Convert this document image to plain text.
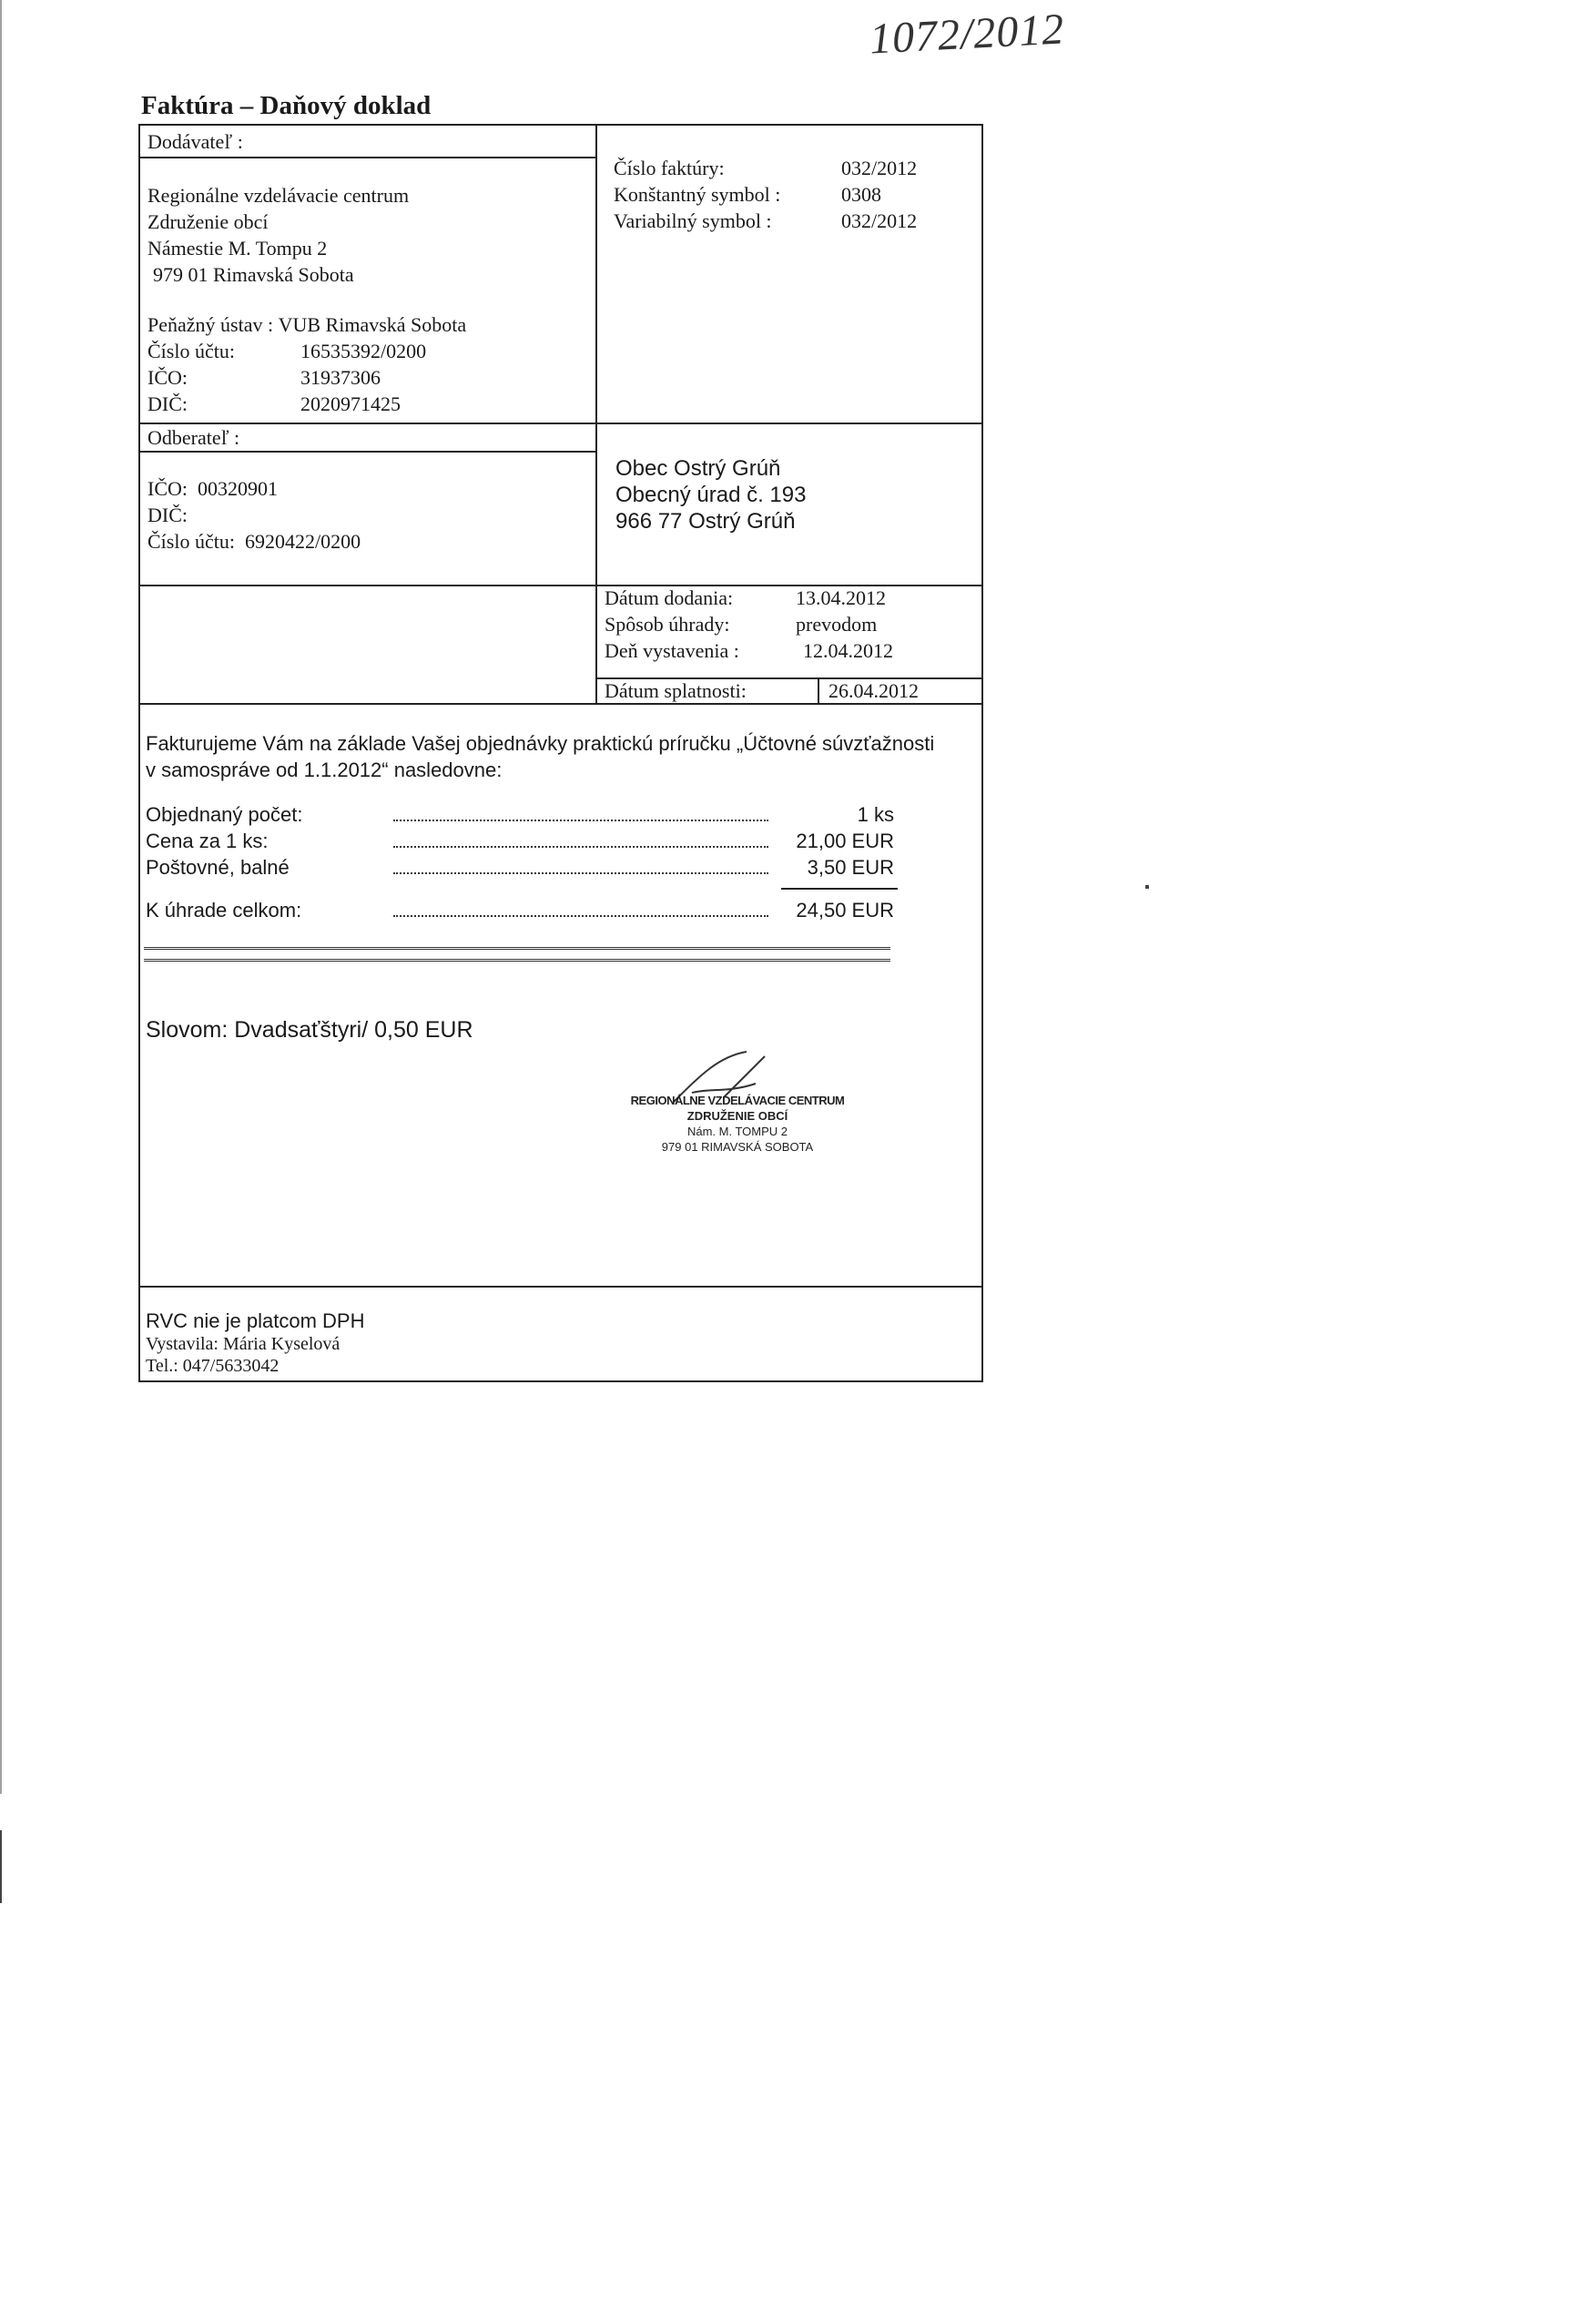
1072/2012
Faktúra – Daňový doklad
Dodávateľ :
Regionálne vzdelávacie centrum
Združenie obcí
Námestie M. Tompu 2
979 01 Rimavská Sobota
Peňažný ústav :
VUB Rimavská Sobota
Číslo účtu:	16535392/0200
IČO:	31937306
DIČ:	2020971425
Číslo faktúry:	032/2012
Konštantný symbol :	0308
Variabilný symbol :	032/2012
Odberateľ :
IČO:
00320901
DIČ:
Číslo účtu:
6920422/0200
Obec Ostrý Grúň
Obecný úrad č. 193
966 77 Ostrý Grúň
Dátum dodania:	13.04.2012
Spôsob úhrady:	prevodom
Deň vystavenia :	12.04.2012
Dátum splatnosti:	26.04.2012
Fakturujeme Vám na základe Vašej objednávky praktickú príručku „Účtovné súvzťažnosti
v samospráve od 1.1.2012“ nasledovne:
Objednaný počet:	1 ks
Cena za 1 ks:	21,00 EUR
Poštovné, balné	3,50 EUR
K úhrade celkom:	24,50 EUR
Slovom: Dvadsaťštyri/ 0,50 EUR
RVC nie je platcom DPH
Vystavila: Mária Kyselová
Tel.: 047/5633042
REGIONÁLNE VZDELÁVACIE CENTRUM
ZDRUŽENIE OBCÍ
Nám. M. TOMPU 2
979 01 RIMAVSKÁ SOBOTA
